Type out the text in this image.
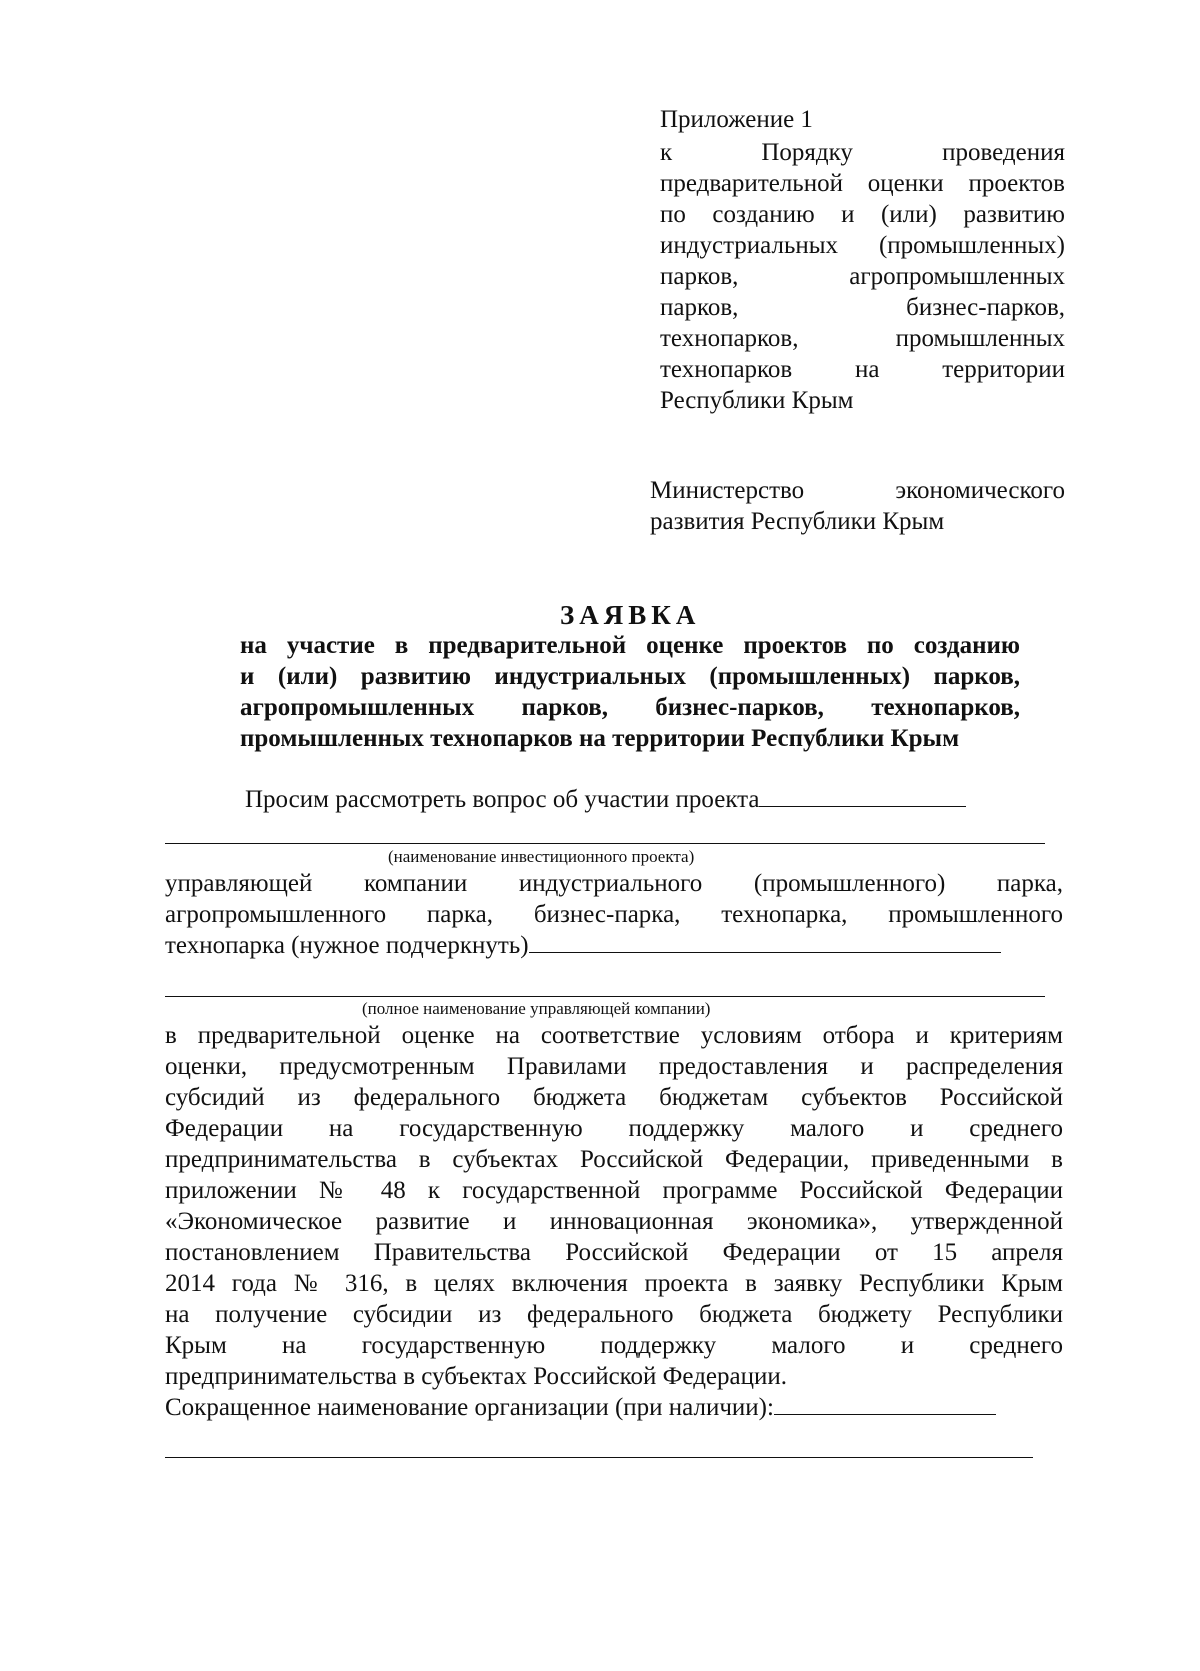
Приложение 1
к Порядку проведения
предварительной оценки проектов
по созданию и (или) развитию
индустриальных (промышленных)
парков, агропромышленных
парков, бизнес-парков,
технопарков, промышленных
технопарков на территории
Республики Крым
Министерство экономического
развития Республики Крым
ЗАЯВКА
на участие в предварительной оценке проектов по созданию
и (или) развитию индустриальных (промышленных) парков,
агропромышленных парков, бизнес-парков, технопарков,
промышленных технопарков на территории Республики Крым
Просим рассмотреть вопрос об участии проекта
(наименование инвестиционного проекта)
управляющей компании индустриального (промышленного) парка,
агропромышленного парка, бизнес-парка, технопарка, промышленного
технопарка (нужное подчеркнуть)
(полное наименование управляющей компании)
в предварительной оценке на соответствие условиям отбора и критериям
оценки, предусмотренным Правилами предоставления и распределения
субсидий из федерального бюджета бюджетам субъектов Российской
Федерации на государственную поддержку малого и среднего
предпринимательства в субъектах Российской Федерации, приведенными в
приложении № 48 к государственной программе Российской Федерации
«Экономическое развитие и инновационная экономика», утвержденной
постановлением Правительства Российской Федерации от 15 апреля
2014 года № 316, в целях включения проекта в заявку Республики Крым
на получение субсидии из федерального бюджета бюджету Республики
Крым на государственную поддержку малого и среднего
предпринимательства в субъектах Российской Федерации.
Сокращенное наименование организации (при наличии):
